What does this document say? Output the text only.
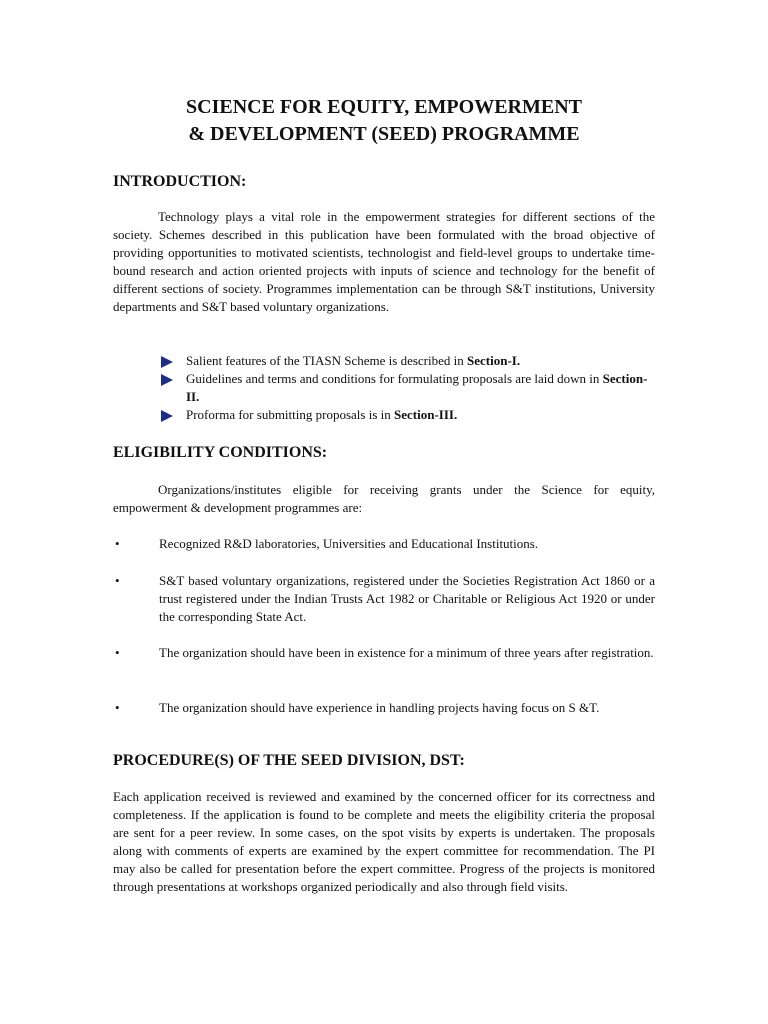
SCIENCE FOR EQUITY, EMPOWERMENT
& DEVELOPMENT (SEED) PROGRAMME
INTRODUCTION:
Technology plays a vital role in the empowerment strategies for different sections of the society. Schemes described in this publication have been formulated with the broad objective of providing opportunities to motivated scientists, technologist and field-level groups to undertake time-bound research and action oriented projects with inputs of science and technology for the benefit of different sections of society. Programmes implementation can be through S&T institutions, University departments and S&T based voluntary organizations.
Salient features of the TIASN Scheme is described in Section-I.
Guidelines and terms and conditions for formulating proposals are laid down in Section-II.
Proforma for submitting proposals is in Section-III.
ELIGIBILITY CONDITIONS:
Organizations/institutes eligible for receiving grants under the Science for equity, empowerment & development programmes are:
•	Recognized R&D laboratories, Universities and Educational Institutions.
•	S&T based voluntary organizations, registered under the Societies Registration Act 1860 or a trust registered under the Indian Trusts Act 1982 or Charitable or Religious Act 1920 or under the corresponding State Act.
•	The organization should have been in existence for a minimum of three years after registration.
•	The organization should have experience in handling projects having focus on S &T.
PROCEDURE(S) OF THE SEED DIVISION, DST:
Each application received is reviewed and examined by the concerned officer for its correctness and completeness. If the application is found to be complete and meets the eligibility criteria the proposal are sent for a peer review. In some cases, on the spot visits by experts is undertaken. The proposals along with comments of experts are examined by the expert committee for recommendation. The PI may also be called for presentation before the expert committee. Progress of the projects is monitored through presentations at workshops organized periodically and also through field visits.
